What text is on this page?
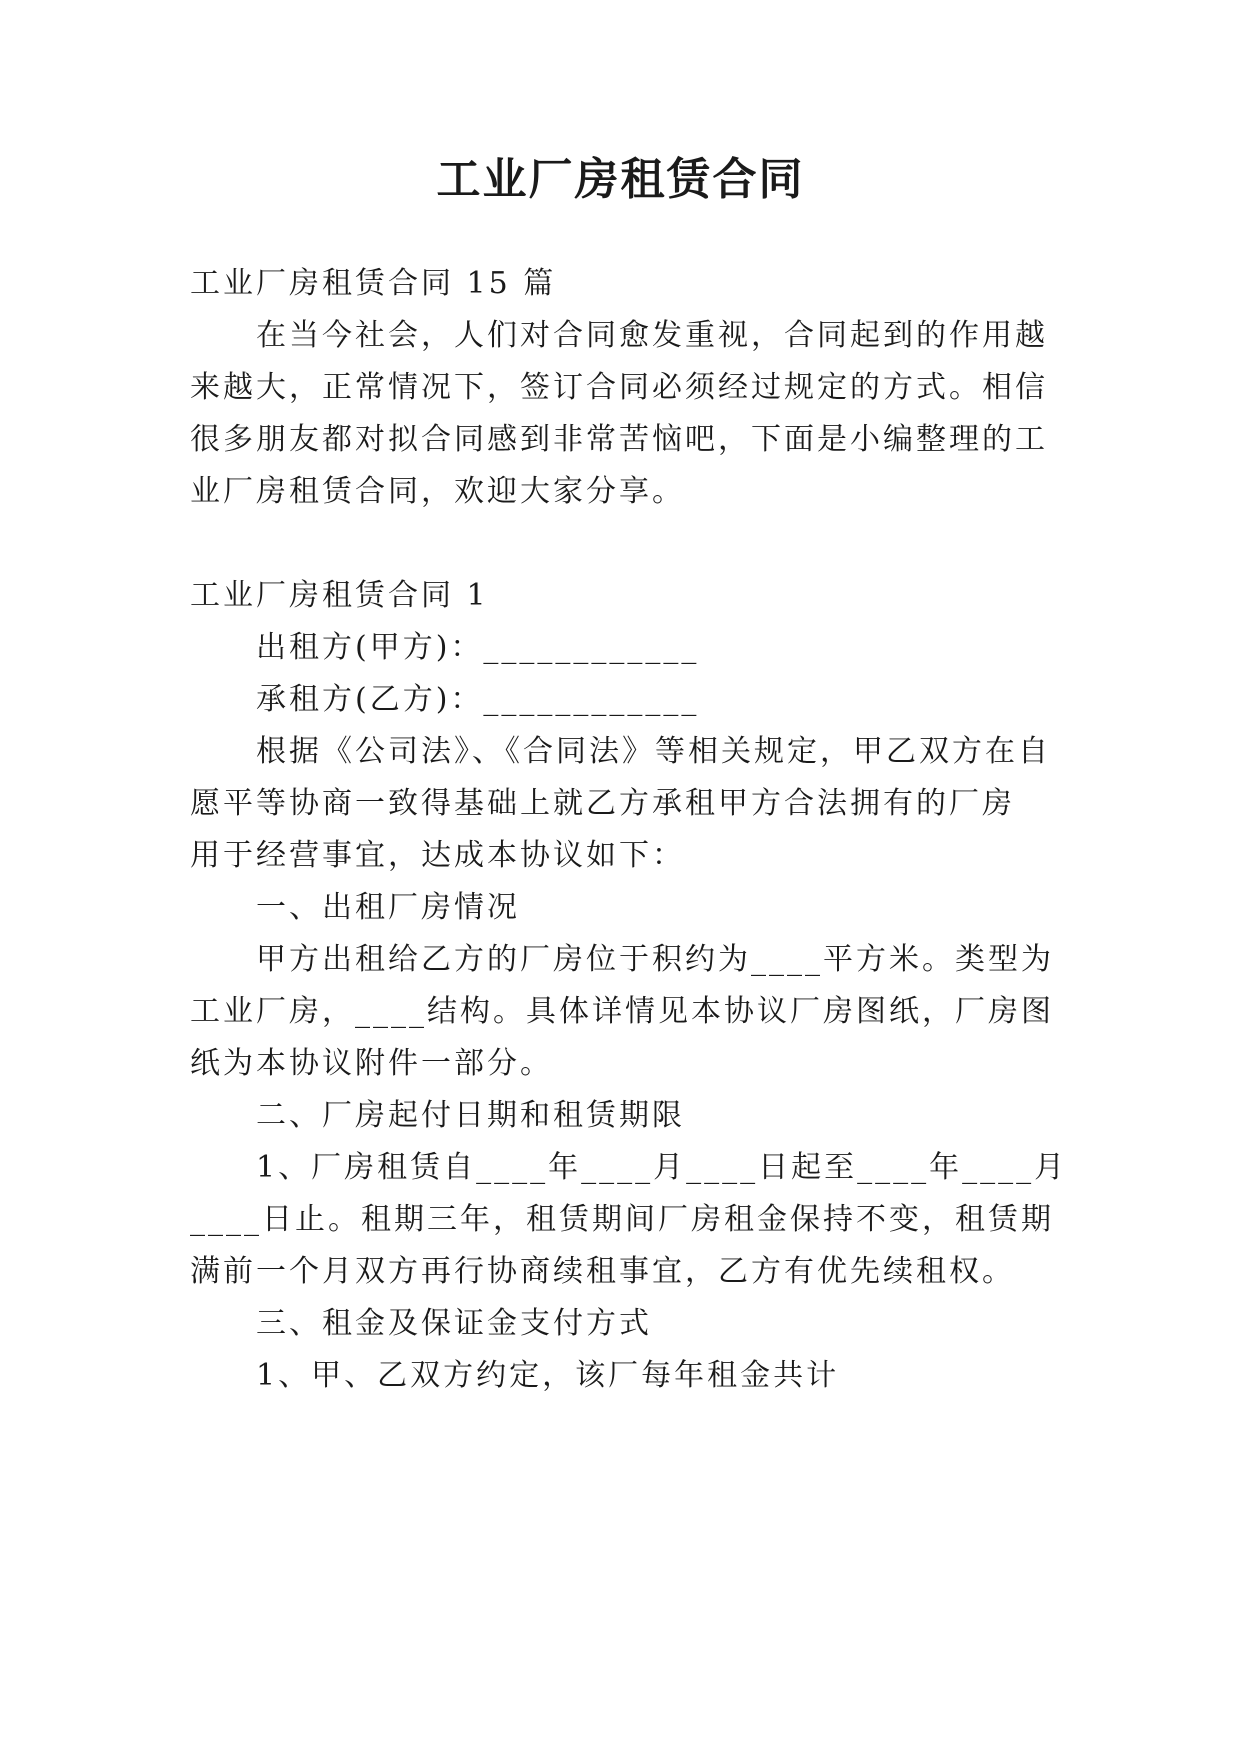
工业厂房租赁合同
工业厂房租赁合同 15 篇
在当今社会，人们对合同愈发重视，合同起到的作用越
来越大，正常情况下，签订合同必须经过规定的方式。相信
很多朋友都对拟合同感到非常苦恼吧，下面是小编整理的工
业厂房租赁合同，欢迎大家分享。
工业厂房租赁合同 1
出租方(甲方)：____________
承租方(乙方)：____________
根据《公司法》、《合同法》等相关规定，甲乙双方在自
愿平等协商一致得基础上就乙方承租甲方合法拥有的厂房
用于经营事宜，达成本协议如下：
一、出租厂房情况
甲方出租给乙方的厂房位于积约为____平方米。类型为
工业厂房，____结构。具体详情见本协议厂房图纸，厂房图
纸为本协议附件一部分。
二、厂房起付日期和租赁期限
1、厂房租赁自____年____月____日起至____年____月
____日止。租期三年，租赁期间厂房租金保持不变，租赁期
满前一个月双方再行协商续租事宜，乙方有优先续租权。
三、租金及保证金支付方式
1、甲、乙双方约定，该厂每年租金共计
